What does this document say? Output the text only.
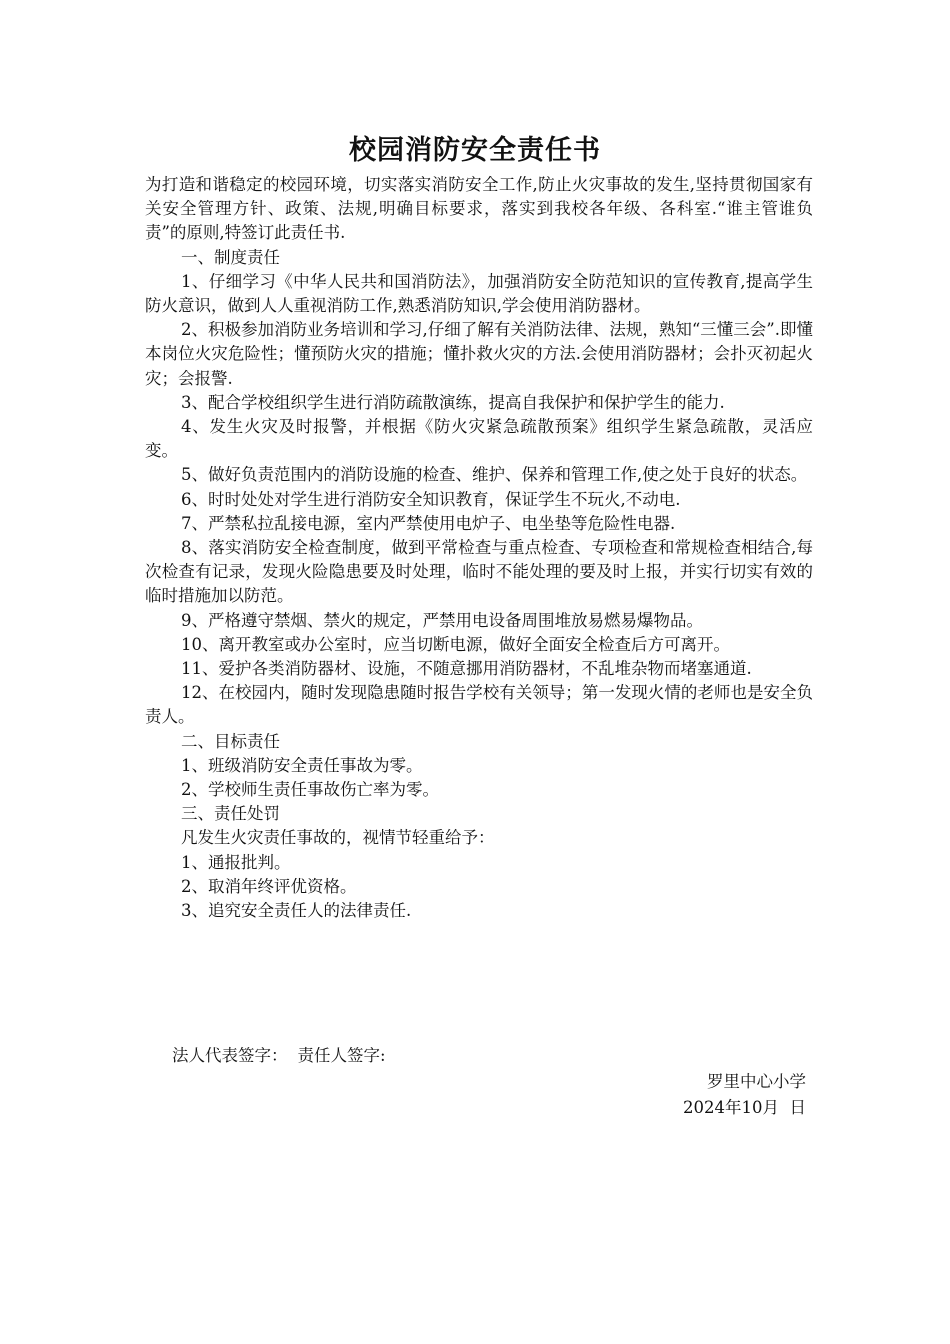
校园消防安全责任书

为打造和谐稳定的校园环境，切实落实消防安全工作,防止火灾事故的发生,坚持贯彻国家有关安全管理方针、政策、法规,明确目标要求，落实到我校各年级、各科室.“谁主管谁负责”的原则,特签订此责任书.

一、制度责任

1、仔细学习《中华人民共和国消防法》，加强消防安全防范知识的宣传教育,提高学生防火意识，做到人人重视消防工作,熟悉消防知识,学会使用消防器材。

2、积极参加消防业务培训和学习,仔细了解有关消防法律、法规，熟知“三懂三会”.即懂本岗位火灾危险性；懂预防火灾的措施；懂扑救火灾的方法.会使用消防器材；会扑灭初起火灾；会报警.

3、配合学校组织学生进行消防疏散演练，提高自我保护和保护学生的能力.

4、发生火灾及时报警，并根据《防火灾紧急疏散预案》组织学生紧急疏散，灵活应变。

5、做好负责范围内的消防设施的检查、维护、保养和管理工作,使之处于良好的状态。

6、时时处处对学生进行消防安全知识教育，保证学生不玩火,不动电.

7、严禁私拉乱接电源，室内严禁使用电炉子、电坐垫等危险性电器.

8、落实消防安全检查制度，做到平常检查与重点检查、专项检查和常规检查相结合,每次检查有记录，发现火险隐患要及时处理，临时不能处理的要及时上报，并实行切实有效的临时措施加以防范。

9、严格遵守禁烟、禁火的规定，严禁用电设备周围堆放易燃易爆物品。

10、离开教室或办公室时，应当切断电源，做好全面安全检查后方可离开。

11、爱护各类消防器材、设施，不随意挪用消防器材，不乱堆杂物而堵塞通道.

12、在校园内，随时发现隐患随时报告学校有关领导；第一发现火情的老师也是安全负责人。

二、目标责任

1、班级消防安全责任事故为零。

2、学校师生责任事故伤亡率为零。

三、责任处罚

凡发生火灾责任事故的，视情节轻重给予：

1、通报批判。

2、取消年终评优资格。

3、追究安全责任人的法律责任.

法人代表签字： 责任人签字:
罗里中心小学
2024年10月  日
